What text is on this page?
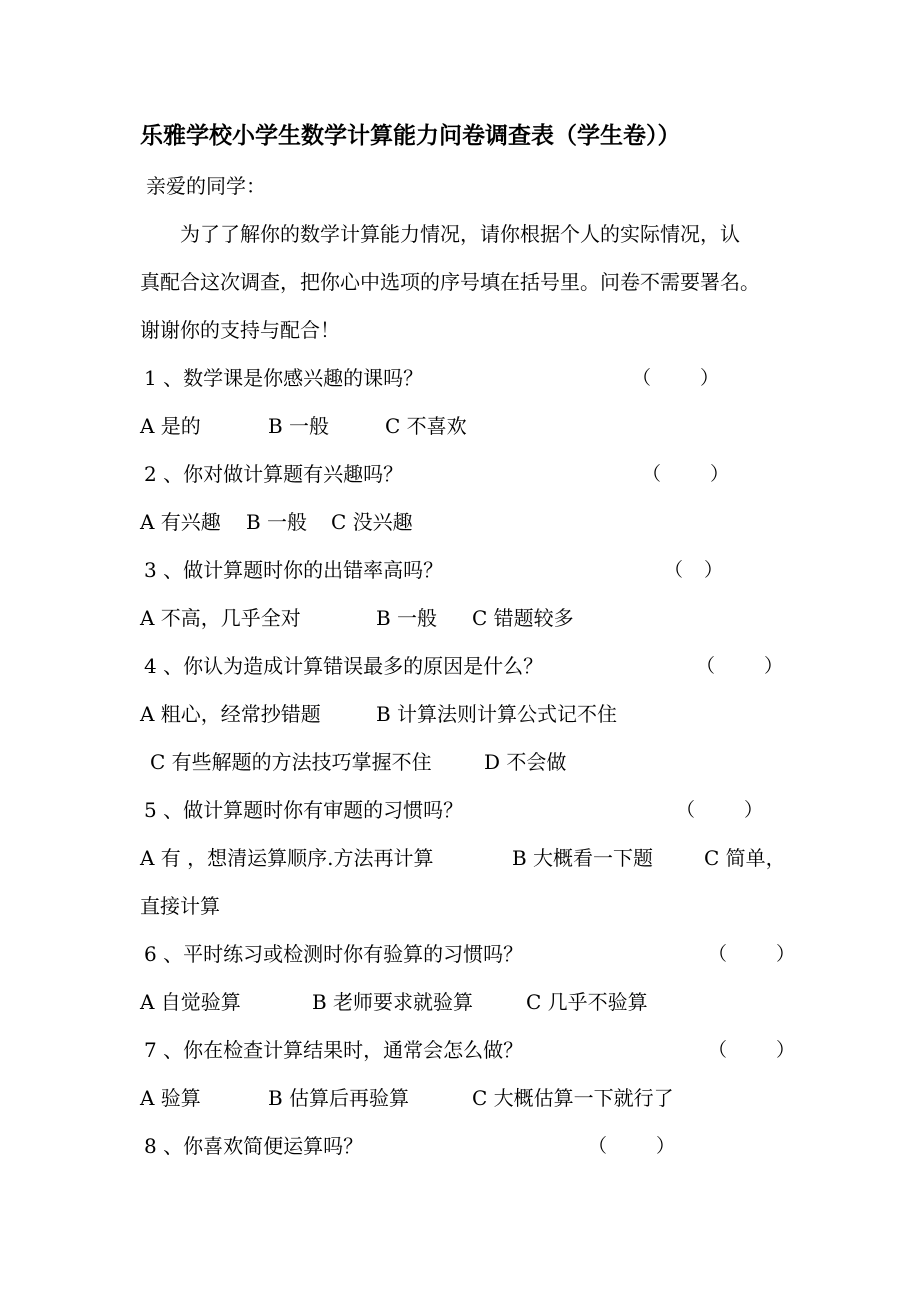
乐雅学校小学生数学计算能力问卷调查表（学生卷））
亲爱的同学：
为了了解你的数学计算能力情况，请你根据个人的实际情况，认
真配合这次调查，把你心中选项的序号填在括号里。问卷不需要署名。
谢谢你的支持与配合！
1 、数学课是你感兴趣的课吗？	（	）
A 是的	B 一般	C 不喜欢
2 、你对做计算题有兴趣吗？	（	）
A 有兴趣 B 一般 C 没兴趣
3 、做计算题时你的出错率高吗？	（ ）
A 不高，几乎全对	B 一般 C 错题较多
4 、你认为造成计算错误最多的原因是什么？	（	）
A 粗心，经常抄错题	B 计算法则计算公式记不住
C 有些解题的方法技巧掌握不住	D 不会做
5 、做计算题时你有审题的习惯吗？	（	）
A 有 ，想清运算顺序.方法再计算	B 大概看一下题	C 简单，
直接计算
6 、平时练习或检测时你有验算的习惯吗？	（	）
A 自觉验算	B 老师要求就验算	C 几乎不验算
7 、你在检查计算结果时，通常会怎么做？	（	）
A 验算	B 估算后再验算	C 大概估算一下就行了
8 、你喜欢简便运算吗？	（	）
